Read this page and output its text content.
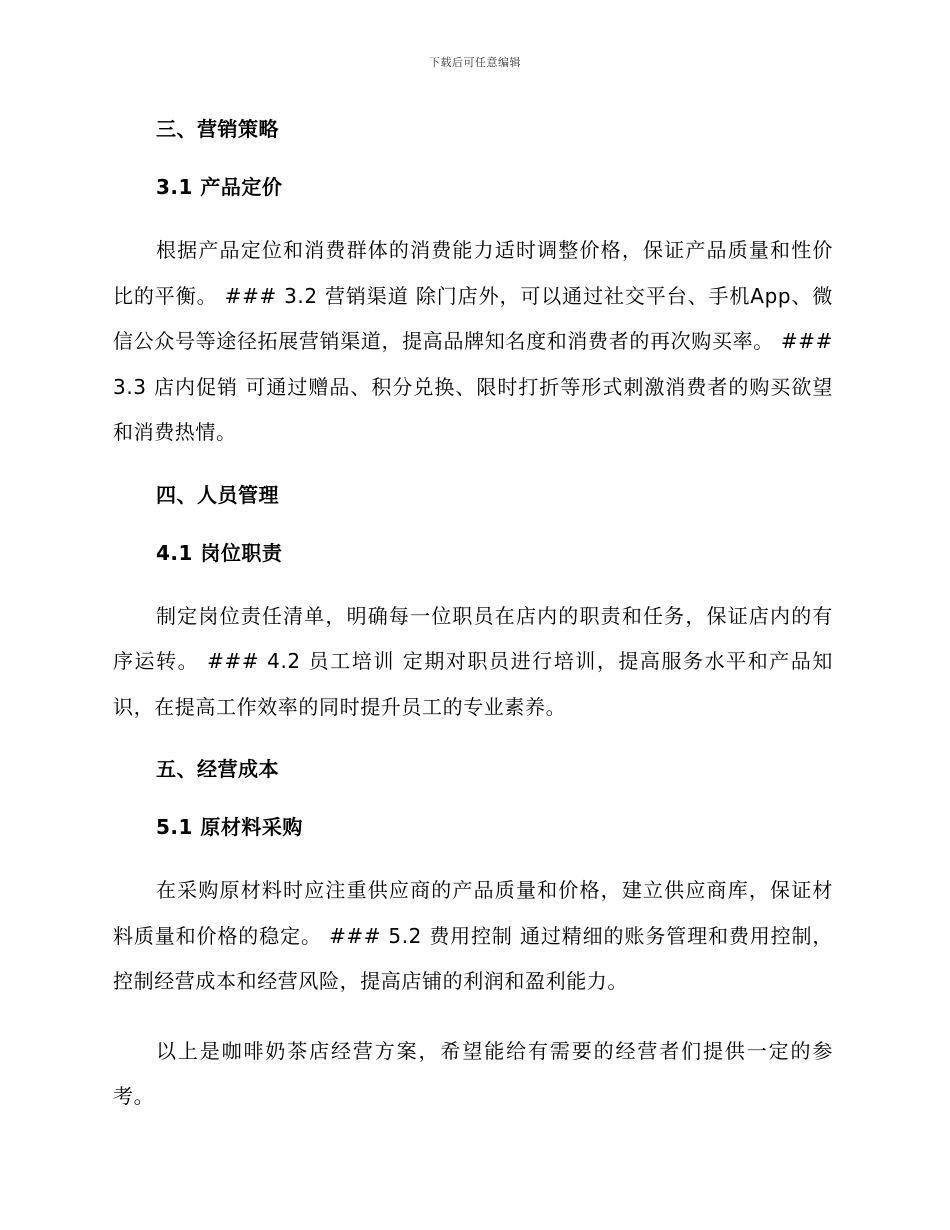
下载后可任意编辑
三、营销策略
3.1 产品定价

根据产品定位和消费群体的消费能力适时调整价格，保证产品质量和性价比的平衡。 ### 3.2 营销渠道 除门店外，可以通过社交平台、手机App、微信公众号等途径拓展营销渠道，提高品牌知名度和消费者的再次购买率。 ### 3.3 店内促销 可通过赠品、积分兑换、限时打折等形式刺激消费者的购买欲望和消费热情。

四、人员管理
4.1 岗位职责

制定岗位责任清单，明确每一位职员在店内的职责和任务，保证店内的有序运转。 ### 4.2 员工培训 定期对职员进行培训，提高服务水平和产品知识，在提高工作效率的同时提升员工的专业素养。

五、经营成本
5.1 原材料采购

在采购原材料时应注重供应商的产品质量和价格，建立供应商库，保证材料质量和价格的稳定。 ### 5.2 费用控制 通过精细的账务管理和费用控制，控制经营成本和经营风险，提高店铺的利润和盈利能力。

以上是咖啡奶茶店经营方案，希望能给有需要的经营者们提供一定的参考。
